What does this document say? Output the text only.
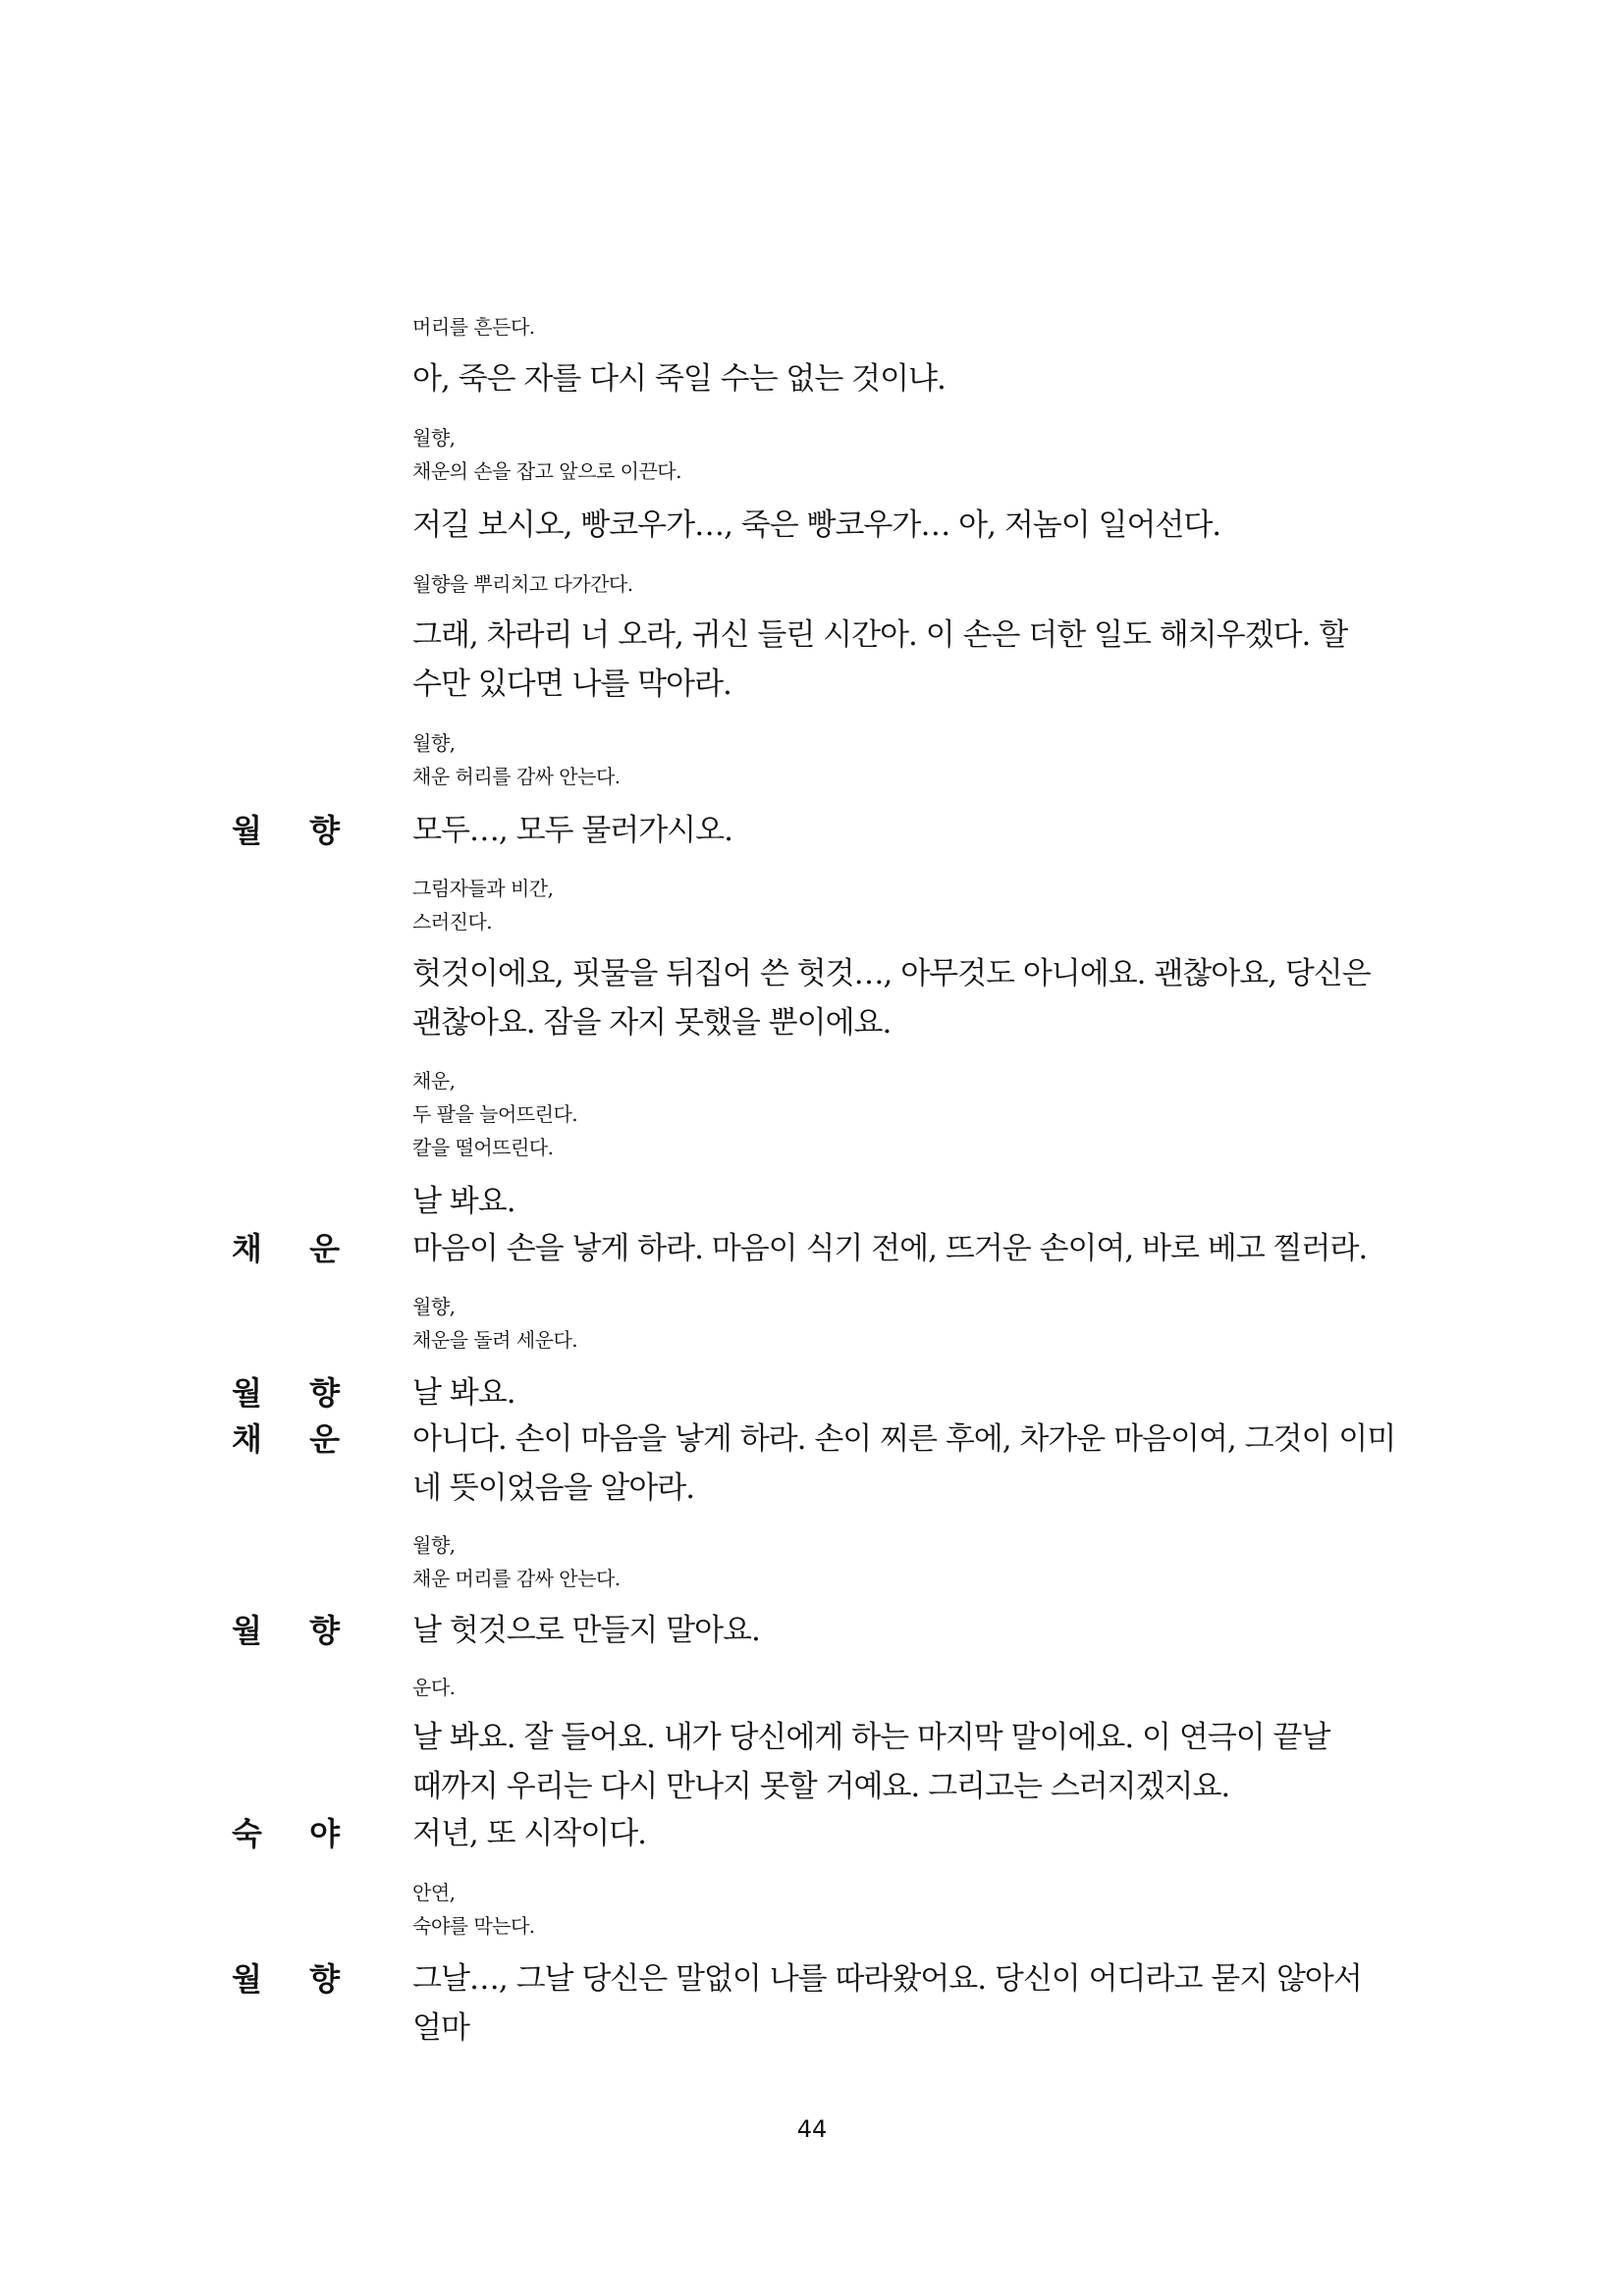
머리를 흔든다.

아, 죽은 자를 다시 죽일 수는 없는 것이냐.

월향,

채운의 손을 잡고 앞으로 이끈다.

저길 보시오, 빵코우가…, 죽은 빵코우가… 아, 저놈이 일어선다.

월향을 뿌리치고 다가간다.

그래, 차라리 너 오라, 귀신 들린 시간아. 이 손은 더한 일도 해치우겠다. 할 수만 있다면 나를 막아라.

월향,

채운 허리를 감싸 안는다.

월 향 모두…, 모두 물러가시오.

그림자들과 비간,

스러진다.

헛것이에요, 핏물을 뒤집어 쓴 헛것…, 아무것도 아니에요. 괜찮아요, 당신은 괜찮아요. 잠을 자지 못했을 뿐이에요.

채운,

두 팔을 늘어뜨린다.

칼을 떨어뜨린다.

날 봐요.

채 운 마음이 손을 낳게 하라. 마음이 식기 전에, 뜨거운 손이여, 바로 베고 찔러라.

월향,

채운을 돌려 세운다.

월 향 날 봐요.

채 운 아니다. 손이 마음을 낳게 하라. 손이 찌른 후에, 차가운 마음이여, 그것이 이미 네 뜻이었음을 알아라.

월향,

채운 머리를 감싸 안는다.

월 향 날 헛것으로 만들지 말아요.

운다.

날 봐요. 잘 들어요. 내가 당신에게 하는 마지막 말이에요. 이 연극이 끝날 때까지 우리는 다시 만나지 못할 거예요. 그리고는 스러지겠지요.

숙 야 저년, 또 시작이다.

안연,

숙야를 막는다.

월 향 그날…, 그날 당신은 말없이 나를 따라왔어요. 당신이 어디라고 묻지 않아서 얼마

44
